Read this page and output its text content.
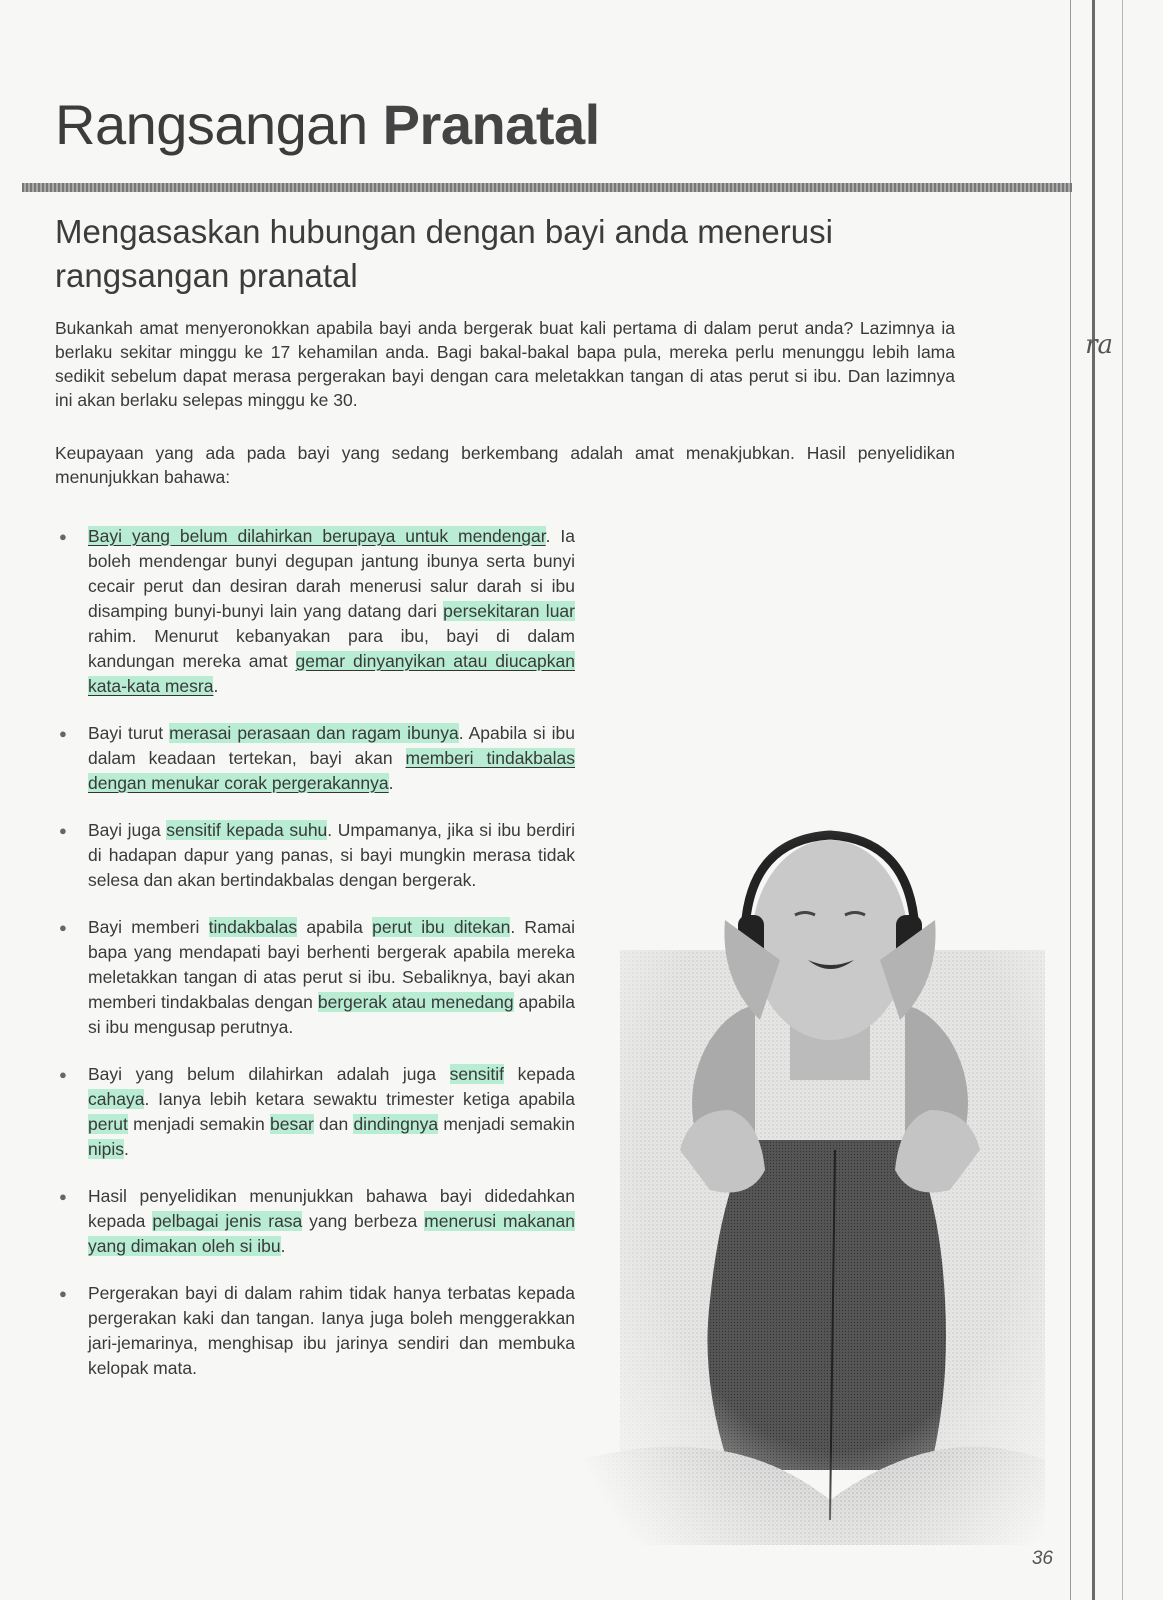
ra
Rangsangan Pranatal
Mengasaskan hubungan dengan bayi anda menerusi rangsangan pranatal

Bukankah amat menyeronokkan apabila bayi anda bergerak buat kali pertama di dalam perut anda? Lazimnya ia berlaku sekitar minggu ke 17 kehamilan anda. Bagi bakal-bakal bapa pula, mereka perlu menunggu lebih lama sedikit sebelum dapat merasa pergerakan bayi dengan cara meletakkan tangan di atas perut si ibu. Dan lazimnya ini akan berlaku selepas minggu ke 30.

Keupayaan yang ada pada bayi yang sedang berkembang adalah amat menakjubkan. Hasil penyelidikan menunjukkan bahawa:

● Bayi yang belum dilahirkan berupaya untuk mendengar. Ia boleh mendengar bunyi degupan jantung ibunya serta bunyi cecair perut dan desiran darah menerusi salur darah si ibu disamping bunyi-bunyi lain yang datang dari persekitaran luar rahim. Menurut kebanyakan para ibu, bayi di dalam kandungan mereka amat gemar dinyanyikan atau diucapkan kata-kata mesra.
● Bayi turut merasai perasaan dan ragam ibunya. Apabila si ibu dalam keadaan tertekan, bayi akan memberi tindakbalas dengan menukar corak pergerakannya.
● Bayi juga sensitif kepada suhu. Umpamanya, jika si ibu berdiri di hadapan dapur yang panas, si bayi mungkin merasa tidak selesa dan akan bertindakbalas dengan bergerak.
● Bayi memberi tindakbalas apabila perut ibu ditekan. Ramai bapa yang mendapati bayi berhenti bergerak apabila mereka meletakkan tangan di atas perut si ibu. Sebaliknya, bayi akan memberi tindakbalas dengan bergerak atau menedang apabila si ibu mengusap perutnya.
● Bayi yang belum dilahirkan adalah juga sensitif kepada cahaya. Ianya lebih ketara sewaktu trimester ketiga apabila perut menjadi semakin besar dan dindingnya menjadi semakin nipis.
● Hasil penyelidikan menunjukkan bahawa bayi didedahkan kepada pelbagai jenis rasa yang berbeza menerusi makanan yang dimakan oleh si ibu.
● Pergerakan bayi di dalam rahim tidak hanya terbatas kepada pergerakan kaki dan tangan. Ianya juga boleh menggerakkan jari-jemarinya, menghisap ibu jarinya sendiri dan membuka kelopak mata.
36
